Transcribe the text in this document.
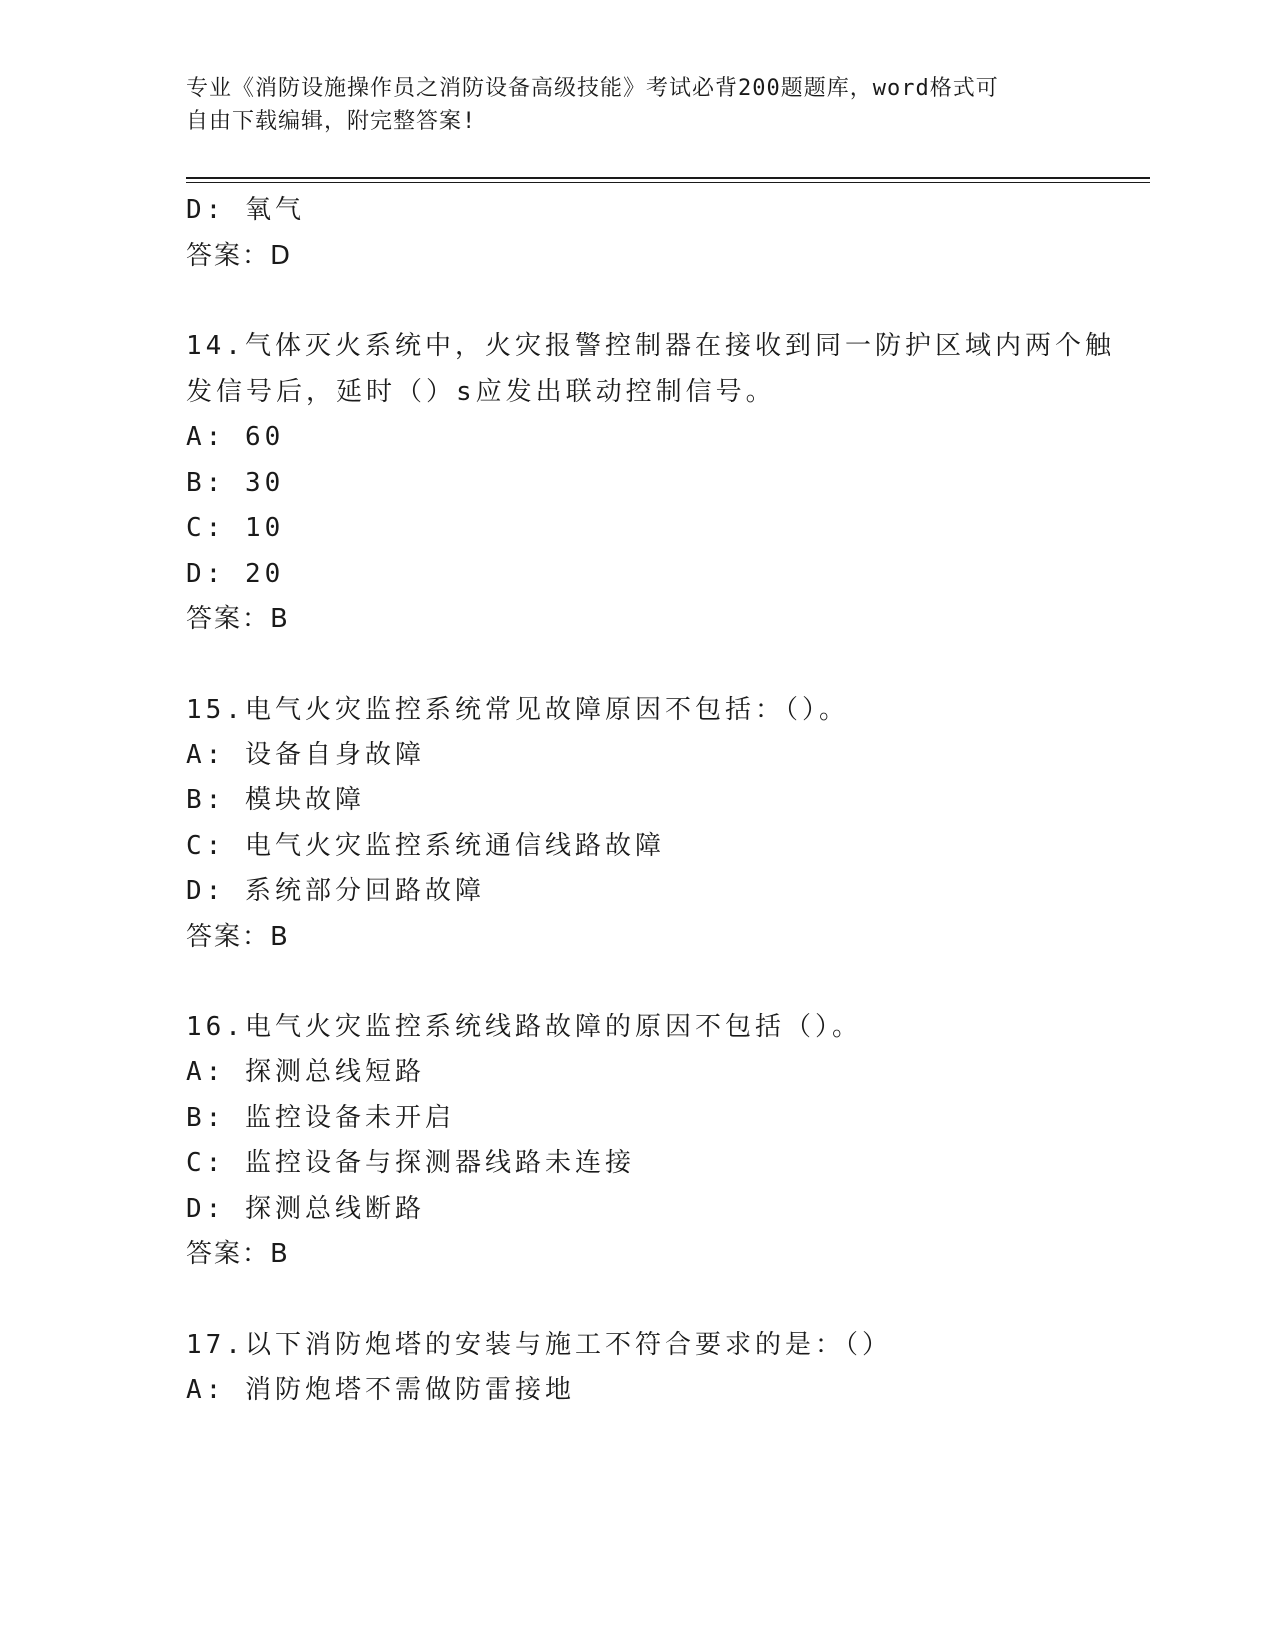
专业《消防设施操作员之消防设备高级技能》考试必背200题题库，word格式可
自由下载编辑，附完整答案!
D: 氧气
答案：D
14.气体灭火系统中，火灾报警控制器在接收到同一防护区域内两个触
发信号后，延时（）s应发出联动控制信号。
A: 60
B: 30
C: 10
D: 20
答案：B
15.电气火灾监控系统常见故障原因不包括：（）。
A: 设备自身故障
B: 模块故障
C: 电气火灾监控系统通信线路故障
D: 系统部分回路故障
答案：B
16.电气火灾监控系统线路故障的原因不包括（）。
A: 探测总线短路
B: 监控设备未开启
C: 监控设备与探测器线路未连接
D: 探测总线断路
答案：B
17.以下消防炮塔的安装与施工不符合要求的是：（）
A: 消防炮塔不需做防雷接地
